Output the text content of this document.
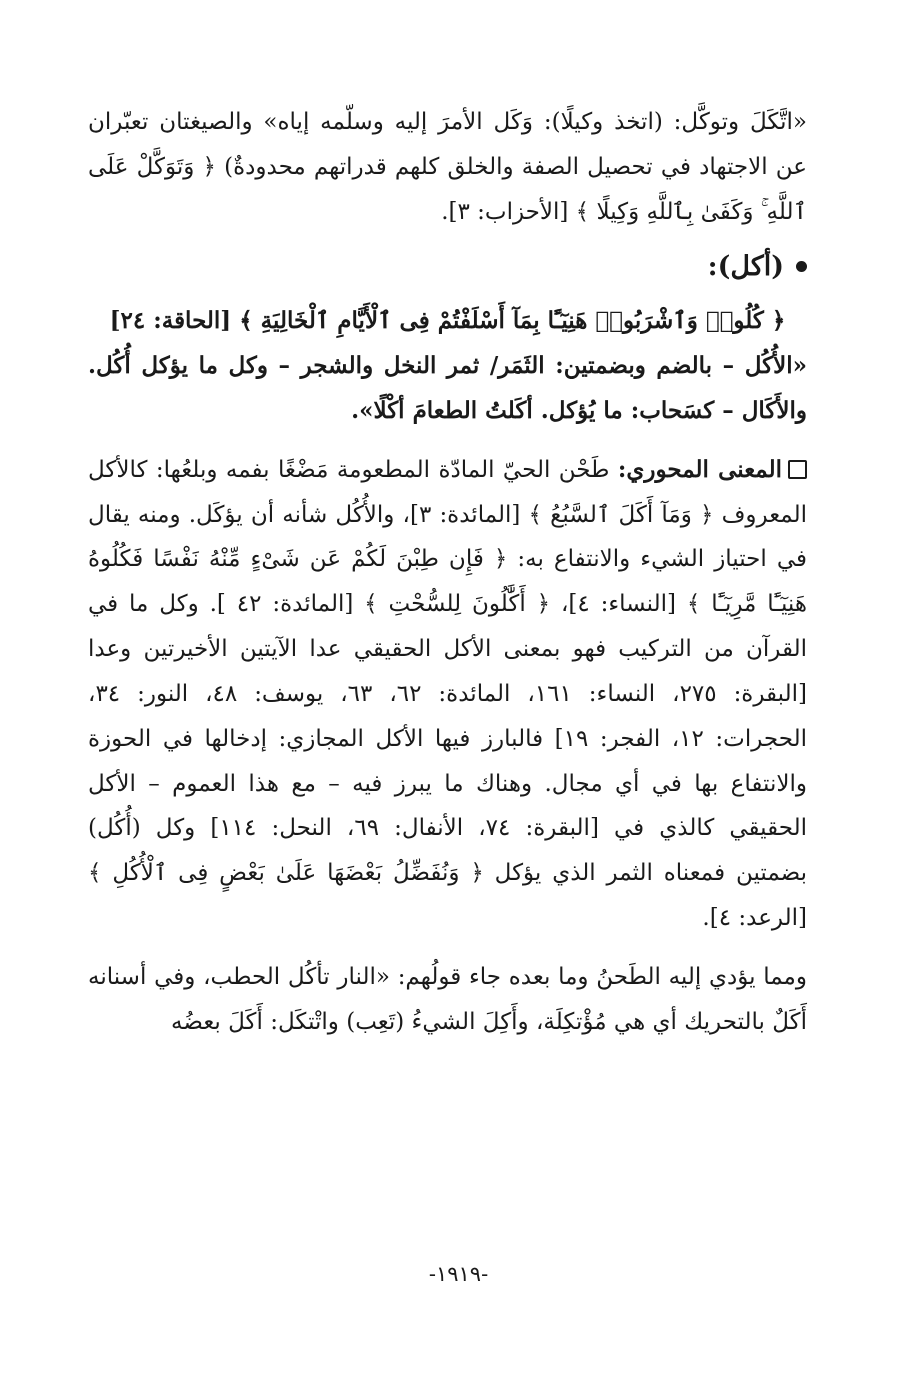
«اتَّكَلَ وتوكَّل: (اتخذ وكيلًا): وَكَل الأمرَ إليه وسلّمه إياه» والصيغتان تعبّران عن الاجتهاد في تحصيل الصفة والخلق كلهم قدراتهم محدودةٌ) ﴿ وَتَوَكَّلْ عَلَى ٱللَّهِ ۚ وَكَفَىٰ بِٱللَّهِ وَكِيلًا ﴾ [الأحزاب: ٣].

(أكل):

﴿ كُلُوا۟ وَٱشْرَبُوا۟ هَنِيٓـًٔا بِمَآ أَسْلَفْتُمْ فِى ٱلْأَيَّامِ ٱلْخَالِيَةِ ﴾ [الحاقة: ٢٤]

«الأُكُل – بالضم وبضمتين: الثَمَر/ ثمر النخل والشجر – وكل ما يؤكل أُكُل. والأَكَال – كسَحاب: ما يُؤكل. أكَلتُ الطعامَ أكْلًا».

المعنى المحوري: طَحْن الحيّ المادّة المطعومة مَضْغًا بفمه وبلعُها: كالأكل المعروف ﴿ وَمَآ أَكَلَ ٱلسَّبُعُ ﴾ [المائدة: ٣]، والأُكُل شأنه أن يؤكَل. ومنه يقال في احتياز الشيء والانتفاع به: ﴿ فَإِن طِبْنَ لَكُمْ عَن شَىْءٍ مِّنْهُ نَفْسًا فَكُلُوهُ هَنِيٓـًٔا مَّرِيٓـًٔا ﴾ [النساء: ٤]، ﴿ أَكَّٰلُونَ لِلسُّحْتِ ﴾ [المائدة: ٤٢ ]. وكل ما في القرآن من التركيب فهو بمعنى الأكل الحقيقي عدا الآيتين الأخيرتين وعدا [البقرة: ٢٧٥، النساء: ١٦١، المائدة: ٦٢، ٦٣، يوسف: ٤٨، النور: ٣٤، الحجرات: ١٢، الفجر: ١٩] فالبارز فيها الأكل المجازي: إدخالها في الحوزة والانتفاع بها في أي مجال. وهناك ما يبرز فيه – مع هذا العموم – الأكل الحقيقي كالذي في [البقرة: ٧٤، الأنفال: ٦٩، النحل: ١١٤] وكل (أُكُل) بضمتين فمعناه الثمر الذي يؤكل ﴿ وَنُفَضِّلُ بَعْضَهَا عَلَىٰ بَعْضٍ فِى ٱلْأُكُلِ ﴾ [الرعد: ٤].

ومما يؤدي إليه الطَحنُ وما بعده جاء قولُهم: «النار تأكُل الحطب، وفي أسنانه أَكَلٌ بالتحريك أي هي مُؤْتكِلَة، وأَكِلَ الشيءُ (تَعِب) واتْتكَل: أَكَلَ بعضُه

-١٩١٩-
